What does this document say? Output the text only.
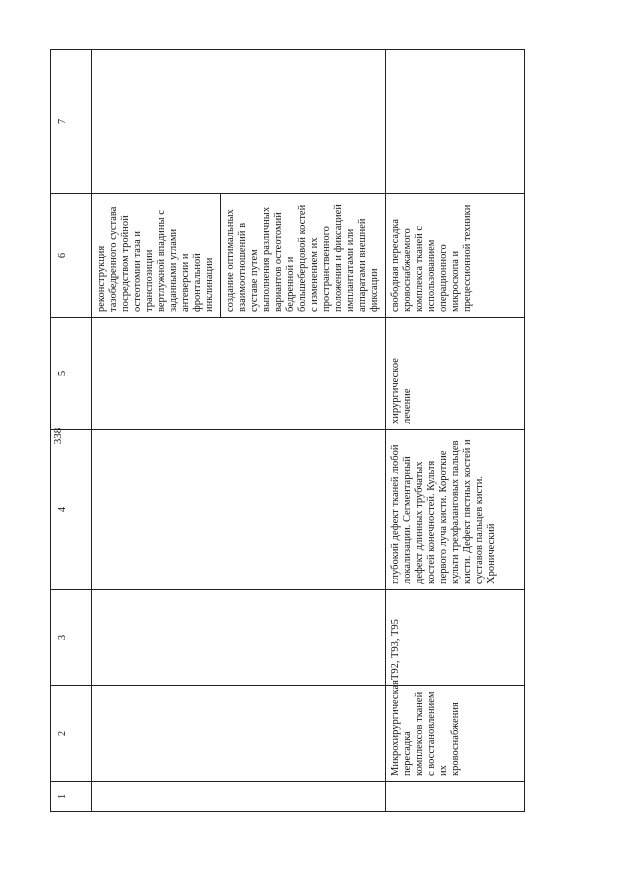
338
1	2	3	4	5	6	7
					реконструкция тазобедренного сустава посредством тройной остеотомии таза и транспозиции вертлужной впадины с заданными углами антеверсии и фронтальной инклинации	
					создание оптимальных взаимоотношений в суставе путем выполнения различных вариантов остеотомий бедренной и большеберцовой костей с изменением их пространственного положения и фиксацией имплантатами или аппаратами внешней фиксации	
	Микрохирургическая пересадка комплексов тканей с восстановлением их кровоснабжения	T92, T93, T95	глубокий дефект тканей любой локализации. Сегментарный дефект длинных трубчатых костей конечностей. Культя первого луча кисти. Короткие культи трехфаланговых пальцев кисти. Дефект пястных костей и суставов пальцев кисти. Хронический	хирургическое лечение	свободная пересадка кровоснабжаемого комплекса тканей с использованием операционного микроскопа и прецессионной техники	
